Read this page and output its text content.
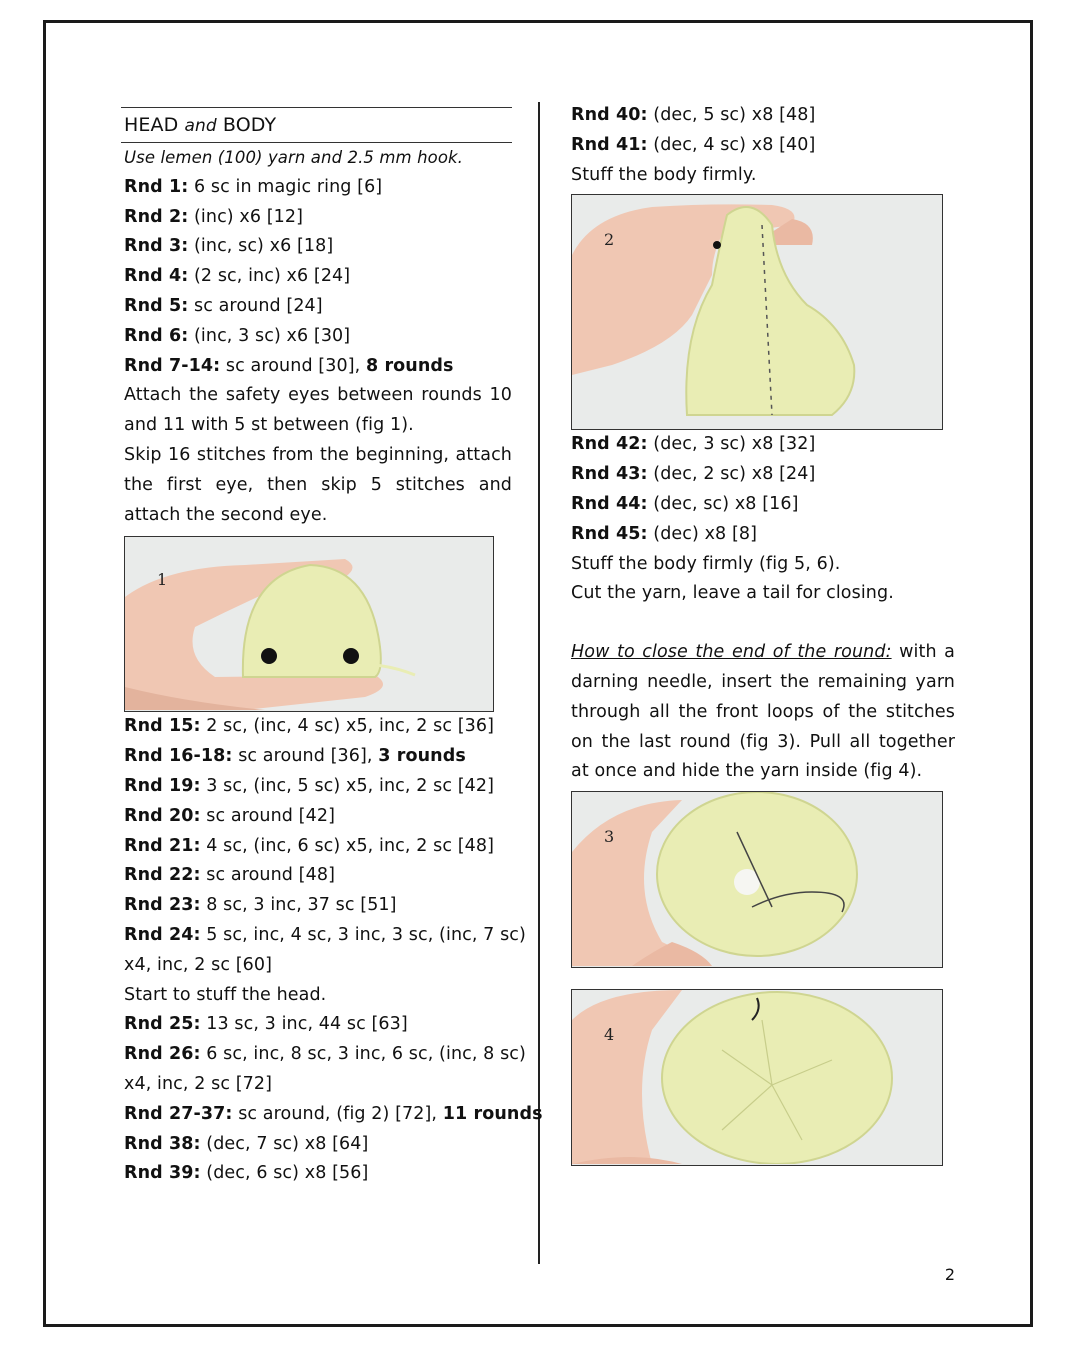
HEAD and BODY
Use lemen (100) yarn and 2.5 mm hook.
Rnd 1: 6 sc in magic ring [6]
Rnd 2: (inc) x6 [12]
Rnd 3: (inc, sc) x6 [18]
Rnd 4: (2 sc, inc) x6 [24]
Rnd 5: sc around [24]
Rnd 6: (inc, 3 sc) x6 [30]
Rnd 7-14: sc around [30], 8 rounds
Attach the safety eyes between rounds 10 and 11 with 5 st between (fig 1).
Skip 16 stitches from the beginning, attach the first eye, then skip 5 stitches and attach the second eye.
1
Rnd 15: 2 sc, (inc, 4 sc) x5, inc, 2 sc [36]
Rnd 16-18: sc around [36], 3 rounds
Rnd 19: 3 sc, (inc, 5 sc) x5, inc, 2 sc [42]
Rnd 20: sc around [42]
Rnd 21: 4 sc, (inc, 6 sc) x5, inc, 2 sc [48]
Rnd 22: sc around [48]
Rnd 23: 8 sc, 3 inc, 37 sc [51]
Rnd 24: 5 sc, inc, 4 sc, 3 inc, 3 sc, (inc, 7 sc)
x4, inc, 2 sc [60]
Start to stuff the head.
Rnd 25: 13 sc, 3 inc, 44 sc [63]
Rnd 26: 6 sc, inc, 8 sc, 3 inc, 6 sc, (inc, 8 sc)
x4, inc, 2 sc [72]
Rnd 27-37: sc around, (fig 2) [72], 11 rounds
Rnd 38: (dec, 7 sc) x8 [64]
Rnd 39: (dec, 6 sc) x8 [56]
Rnd 40: (dec, 5 sc) x8 [48]
Rnd 41: (dec, 4 sc) x8 [40]
Stuff the body firmly.
2
Rnd 42: (dec, 3 sc) x8 [32]
Rnd 43: (dec, 2 sc) x8 [24]
Rnd 44: (dec, sc) x8 [16]
Rnd 45: (dec) x8 [8]
Stuff the body firmly (fig 5, 6).
Cut the yarn, leave a tail for closing.
How to close the end of the round: with a darning needle, insert the remaining yarn through all the front loops of the stitches on the last round (fig 3). Pull all together at once and hide the yarn inside (fig 4).
3
4
2
